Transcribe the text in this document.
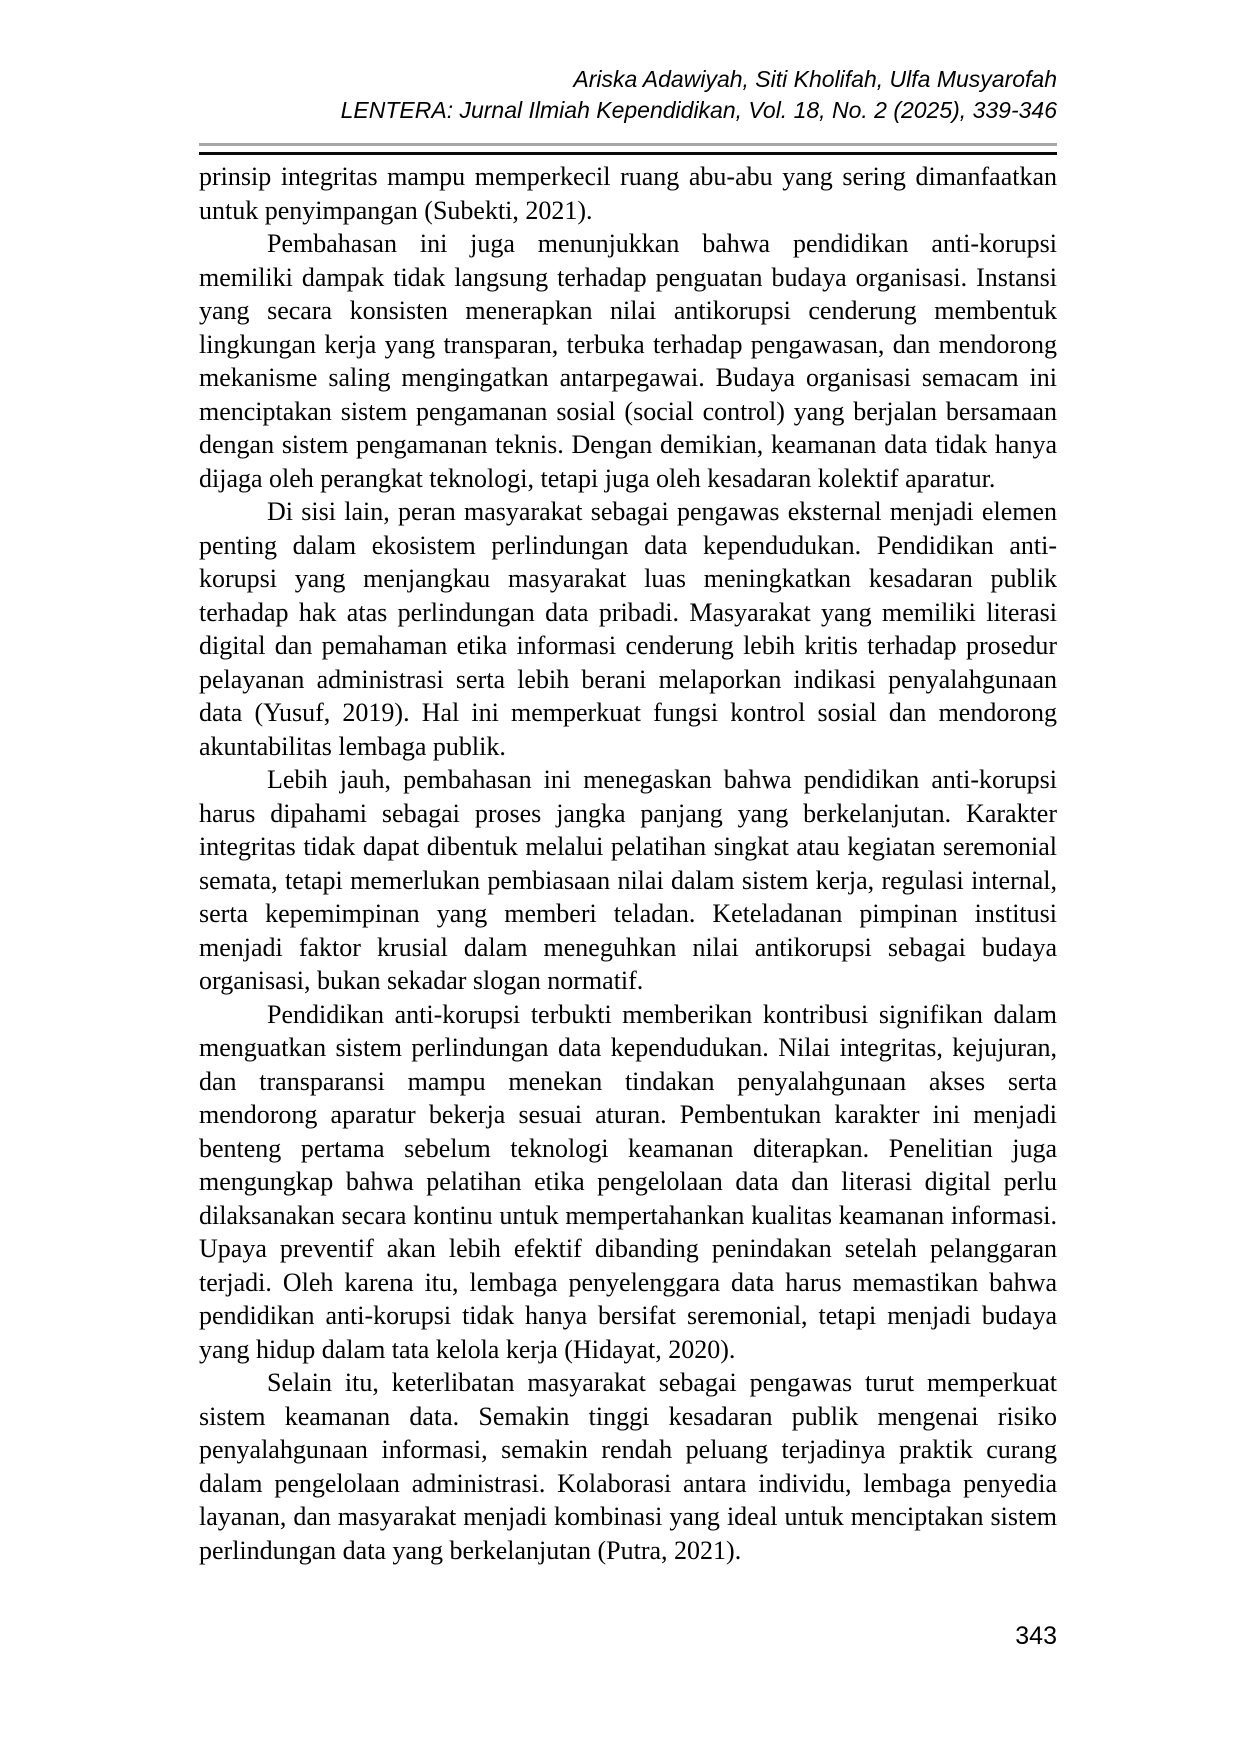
Ariska Adawiyah, Siti Kholifah, Ulfa Musyarofah
LENTERA: Jurnal Ilmiah Kependidikan, Vol. 18, No. 2 (2025), 339-346

prinsip integritas mampu memperkecil ruang abu-abu yang sering dimanfaatkan untuk penyimpangan (Subekti, 2021).

Pembahasan ini juga menunjukkan bahwa pendidikan anti-korupsi memiliki dampak tidak langsung terhadap penguatan budaya organisasi. Instansi yang secara konsisten menerapkan nilai antikorupsi cenderung membentuk lingkungan kerja yang transparan, terbuka terhadap pengawasan, dan mendorong mekanisme saling mengingatkan antarpegawai. Budaya organisasi semacam ini menciptakan sistem pengamanan sosial (social control) yang berjalan bersamaan dengan sistem pengamanan teknis. Dengan demikian, keamanan data tidak hanya dijaga oleh perangkat teknologi, tetapi juga oleh kesadaran kolektif aparatur.

Di sisi lain, peran masyarakat sebagai pengawas eksternal menjadi elemen penting dalam ekosistem perlindungan data kependudukan. Pendidikan anti-korupsi yang menjangkau masyarakat luas meningkatkan kesadaran publik terhadap hak atas perlindungan data pribadi. Masyarakat yang memiliki literasi digital dan pemahaman etika informasi cenderung lebih kritis terhadap prosedur pelayanan administrasi serta lebih berani melaporkan indikasi penyalahgunaan data (Yusuf, 2019). Hal ini memperkuat fungsi kontrol sosial dan mendorong akuntabilitas lembaga publik.

Lebih jauh, pembahasan ini menegaskan bahwa pendidikan anti-korupsi harus dipahami sebagai proses jangka panjang yang berkelanjutan. Karakter integritas tidak dapat dibentuk melalui pelatihan singkat atau kegiatan seremonial semata, tetapi memerlukan pembiasaan nilai dalam sistem kerja, regulasi internal, serta kepemimpinan yang memberi teladan. Keteladanan pimpinan institusi menjadi faktor krusial dalam meneguhkan nilai antikorupsi sebagai budaya organisasi, bukan sekadar slogan normatif.

Pendidikan anti-korupsi terbukti memberikan kontribusi signifikan dalam menguatkan sistem perlindungan data kependudukan. Nilai integritas, kejujuran, dan transparansi mampu menekan tindakan penyalahgunaan akses serta mendorong aparatur bekerja sesuai aturan. Pembentukan karakter ini menjadi benteng pertama sebelum teknologi keamanan diterapkan. Penelitian juga mengungkap bahwa pelatihan etika pengelolaan data dan literasi digital perlu dilaksanakan secara kontinu untuk mempertahankan kualitas keamanan informasi. Upaya preventif akan lebih efektif dibanding penindakan setelah pelanggaran terjadi. Oleh karena itu, lembaga penyelenggara data harus memastikan bahwa pendidikan anti-korupsi tidak hanya bersifat seremonial, tetapi menjadi budaya yang hidup dalam tata kelola kerja (Hidayat, 2020).

Selain itu, keterlibatan masyarakat sebagai pengawas turut memperkuat sistem keamanan data. Semakin tinggi kesadaran publik mengenai risiko penyalahgunaan informasi, semakin rendah peluang terjadinya praktik curang dalam pengelolaan administrasi. Kolaborasi antara individu, lembaga penyedia layanan, dan masyarakat menjadi kombinasi yang ideal untuk menciptakan sistem perlindungan data yang berkelanjutan (Putra, 2021).

343
